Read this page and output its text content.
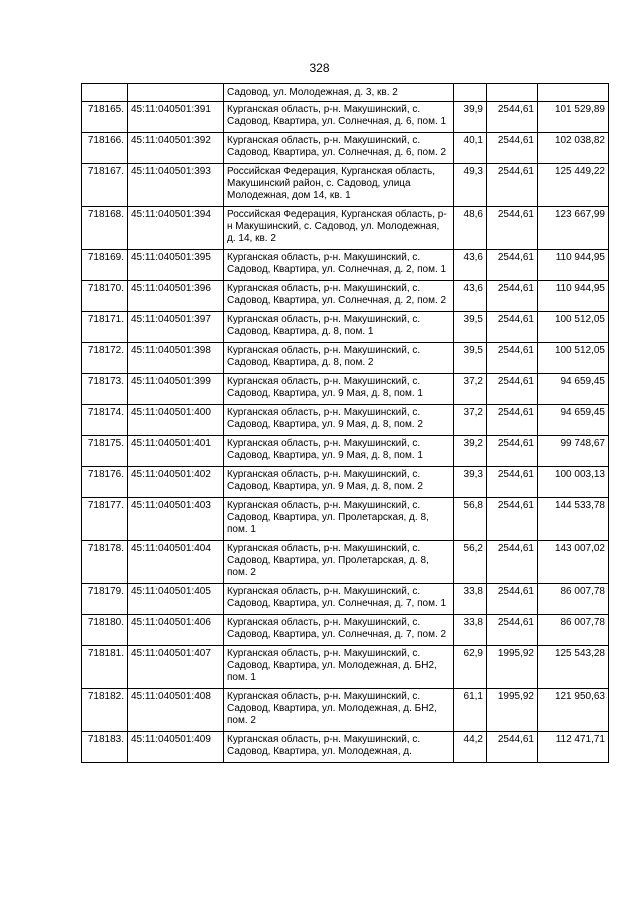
328
		Садовод, ул. Молодежная, д. 3, кв. 2			
718165.	45:11:040501:391	Курганская область, р-н. Макушинский, с. Садовод, Квартира, ул. Солнечная, д. 6, пом. 1	39,9	2544,61	101 529,89
718166.	45:11:040501:392	Курганская область, р-н. Макушинский, с. Садовод, Квартира, ул. Солнечная, д. 6, пом. 2	40,1	2544,61	102 038,82
718167.	45:11:040501:393	Российская Федерация, Курганская область, Макушинский район, с. Садовод, улица Молодежная, дом 14, кв. 1	49,3	2544,61	125 449,22
718168.	45:11:040501:394	Российская Федерация, Курганская область, р-н Макушинский, с. Садовод, ул. Молодежная, д. 14, кв. 2	48,6	2544,61	123 667,99
718169.	45:11:040501:395	Курганская область, р-н. Макушинский, с. Садовод, Квартира, ул. Солнечная, д. 2, пом. 1	43,6	2544,61	110 944,95
718170.	45:11:040501:396	Курганская область, р-н. Макушинский, с. Садовод, Квартира, ул. Солнечная, д. 2, пом. 2	43,6	2544,61	110 944,95
718171.	45:11:040501:397	Курганская область, р-н. Макушинский, с. Садовод, Квартира, д. 8, пом. 1	39,5	2544,61	100 512,05
718172.	45:11:040501:398	Курганская область, р-н. Макушинский, с. Садовод, Квартира, д. 8, пом. 2	39,5	2544,61	100 512,05
718173.	45:11:040501:399	Курганская область, р-н. Макушинский, с. Садовод, Квартира, ул. 9 Мая, д. 8, пом. 1	37,2	2544,61	94 659,45
718174.	45:11:040501:400	Курганская область, р-н. Макушинский, с. Садовод, Квартира, ул. 9 Мая, д. 8, пом. 2	37,2	2544,61	94 659,45
718175.	45:11:040501:401	Курганская область, р-н. Макушинский, с. Садовод, Квартира, ул. 9 Мая, д. 8, пом. 1	39,2	2544,61	99 748,67
718176.	45:11:040501:402	Курганская область, р-н. Макушинский, с. Садовод, Квартира, ул. 9 Мая, д. 8, пом. 2	39,3	2544,61	100 003,13
718177.	45:11:040501:403	Курганская область, р-н. Макушинский, с. Садовод, Квартира, ул. Пролетарская, д. 8, пом. 1	56,8	2544,61	144 533,78
718178.	45:11:040501:404	Курганская область, р-н. Макушинский, с. Садовод, Квартира, ул. Пролетарская, д. 8, пом. 2	56,2	2544,61	143 007,02
718179.	45:11:040501:405	Курганская область, р-н. Макушинский, с. Садовод, Квартира, ул. Солнечная, д. 7, пом. 1	33,8	2544,61	86 007,78
718180.	45:11:040501:406	Курганская область, р-н. Макушинский, с. Садовод, Квартира, ул. Солнечная, д. 7, пом. 2	33,8	2544,61	86 007,78
718181.	45:11:040501:407	Курганская область, р-н. Макушинский, с. Садовод, Квартира, ул. Молодежная, д. БН2, пом. 1	62,9	1995,92	125 543,28
718182.	45:11:040501:408	Курганская область, р-н. Макушинский, с. Садовод, Квартира, ул. Молодежная, д. БН2, пом. 2	61,1	1995,92	121 950,63
718183.	45:11:040501:409	Курганская область, р-н. Макушинский, с. Садовод, Квартира, ул. Молодежная, д.	44,2	2544,61	112 471,71
